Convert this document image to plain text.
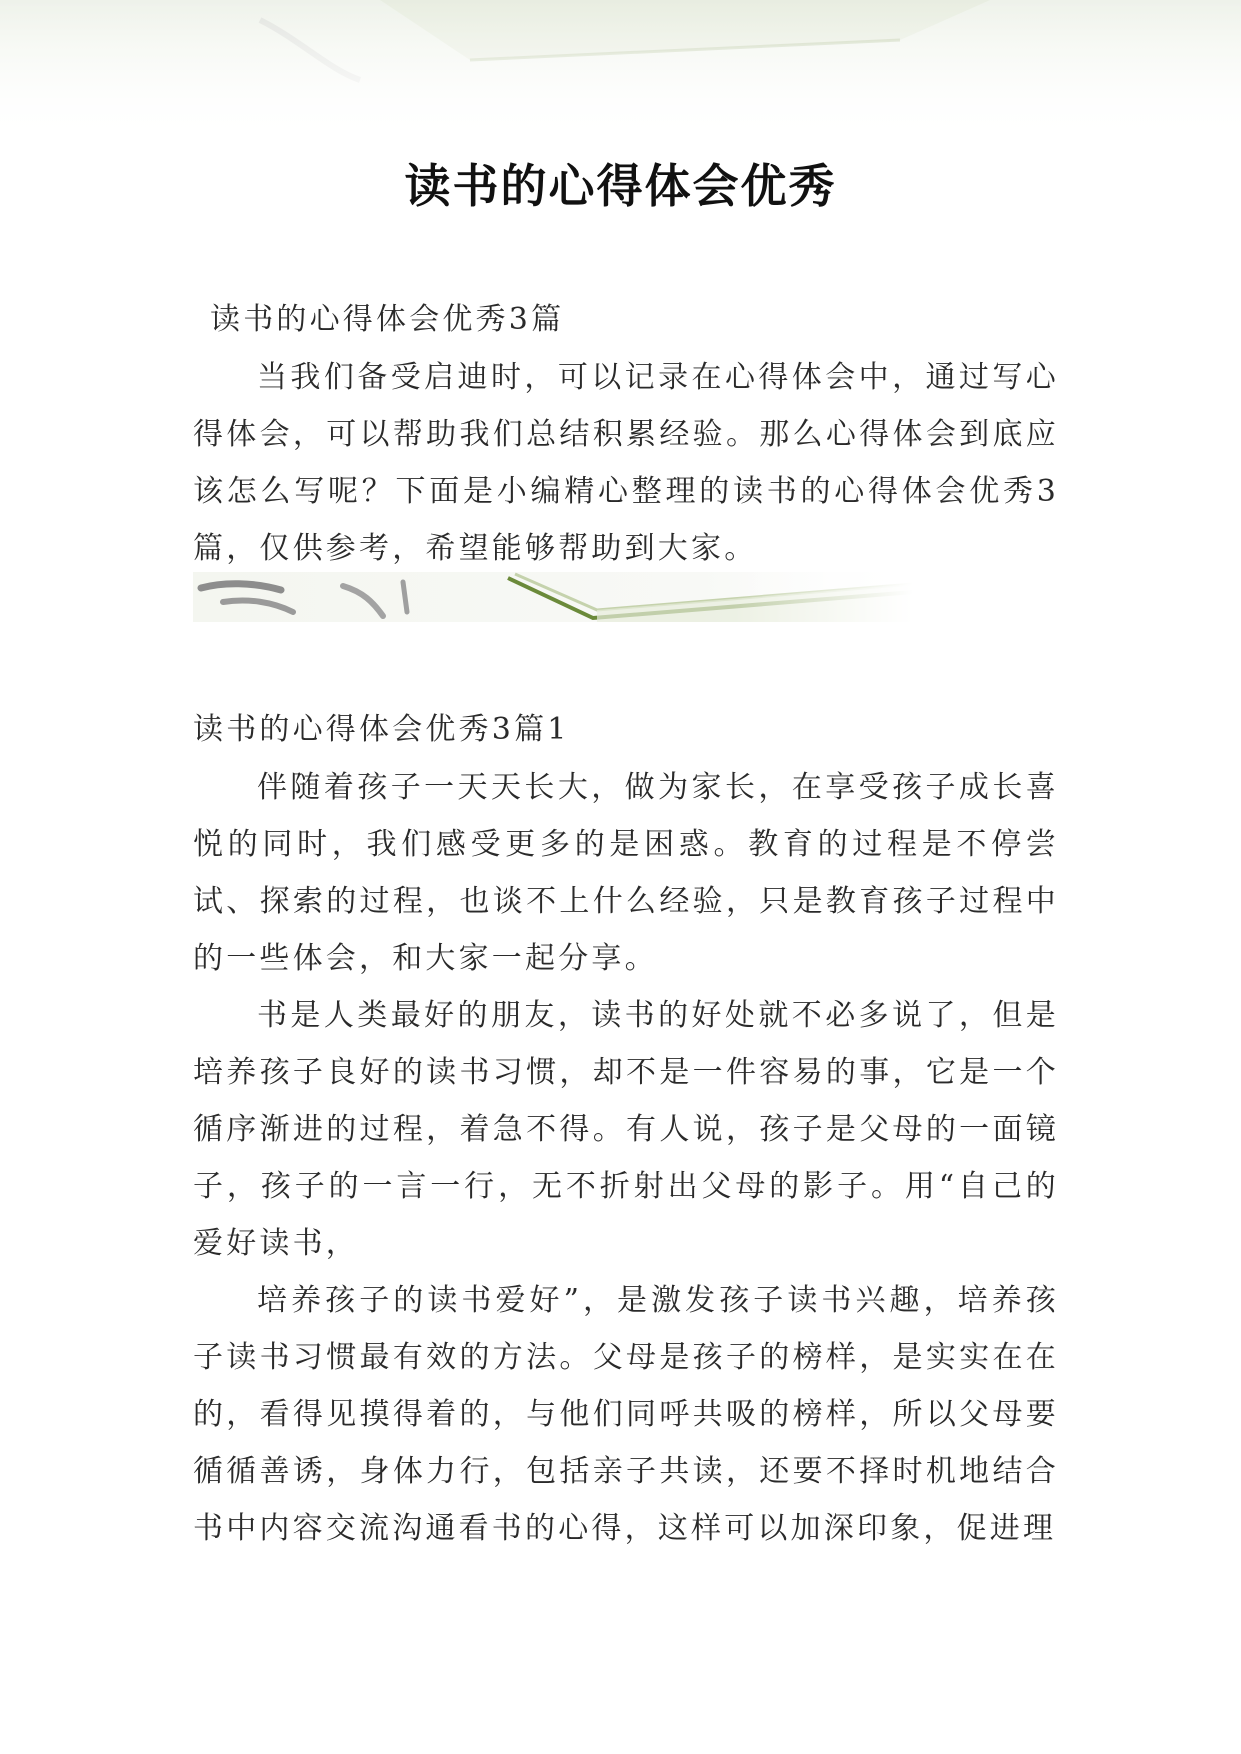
读书的心得体会优秀
读书的心得体会优秀3篇

当我们备受启迪时，可以记录在心得体会中，通过写心得体会，可以帮助我们总结积累经验。那么心得体会到底应该怎么写呢？下面是小编精心整理的读书的心得体会优秀3篇，仅供参考，希望能够帮助到大家。

读书的心得体会优秀3篇1

伴随着孩子一天天长大，做为家长，在享受孩子成长喜悦的同时，我们感受更多的是困惑。教育的过程是不停尝试、探索的过程，也谈不上什么经验，只是教育孩子过程中的一些体会，和大家一起分享。

书是人类最好的朋友，读书的好处就不必多说了，但是培养孩子良好的读书习惯，却不是一件容易的事，它是一个循序渐进的过程，着急不得。有人说，孩子是父母的一面镜子，孩子的一言一行，无不折射出父母的影子。用“自己的爱好读书，

培养孩子的读书爱好”，是激发孩子读书兴趣，培养孩子读书习惯最有效的方法。父母是孩子的榜样，是实实在在的，看得见摸得着的，与他们同呼共吸的榜样，所以父母要循循善诱，身体力行，包括亲子共读，还要不择时机地结合书中内容交流沟通看书的心得，这样可以加深印象，促进理
